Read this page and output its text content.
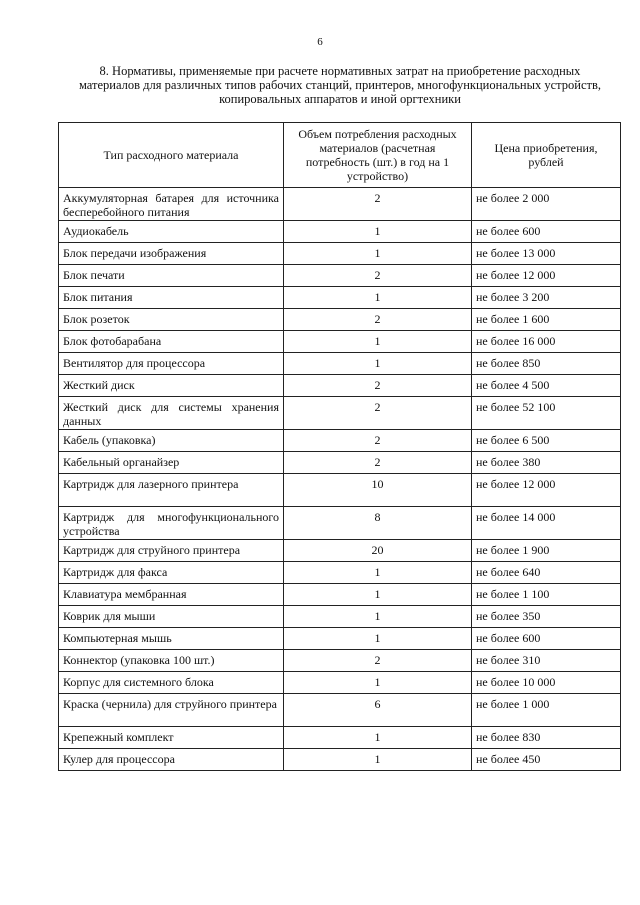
6
8. Нормативы, применяемые при расчете нормативных затрат на приобретение расходных
материалов для различных типов рабочих станций, принтеров, многофункциональных устройств,
копировальных аппаратов и иной оргтехники
Тип расходного материала	Объем потребления расходных материалов (расчетная потребность (шт.) в год на 1 устройство)	Цена приобретения, рублей
Аккумуляторная батарея для источника бесперебойного питания	2	не более 2 000
Аудиокабель	1	не более 600
Блок передачи изображения	1	не более 13 000
Блок печати	2	не более 12 000
Блок питания	1	не более 3 200
Блок розеток	2	не более 1 600
Блок фотобарабана	1	не более 16 000
Вентилятор для процессора	1	не более 850
Жесткий диск	2	не более 4 500
Жесткий диск для системы хранения данных	2	не более 52 100
Кабель (упаковка)	2	не более 6 500
Кабельный органайзер	2	не более 380
Картридж для лазерного принтера	10	не более 12 000
Картридж для многофункционального устройства	8	не более 14 000
Картридж для струйного принтера	20	не более 1 900
Картридж для факса	1	не более 640
Клавиатура мембранная	1	не более 1 100
Коврик для мыши	1	не более 350
Компьютерная мышь	1	не более 600
Коннектор (упаковка 100 шт.)	2	не более 310
Корпус для системного блока	1	не более 10 000
Краска (чернила) для струйного принтера	6	не более 1 000
Крепежный комплект	1	не более 830
Кулер для процессора	1	не более 450
